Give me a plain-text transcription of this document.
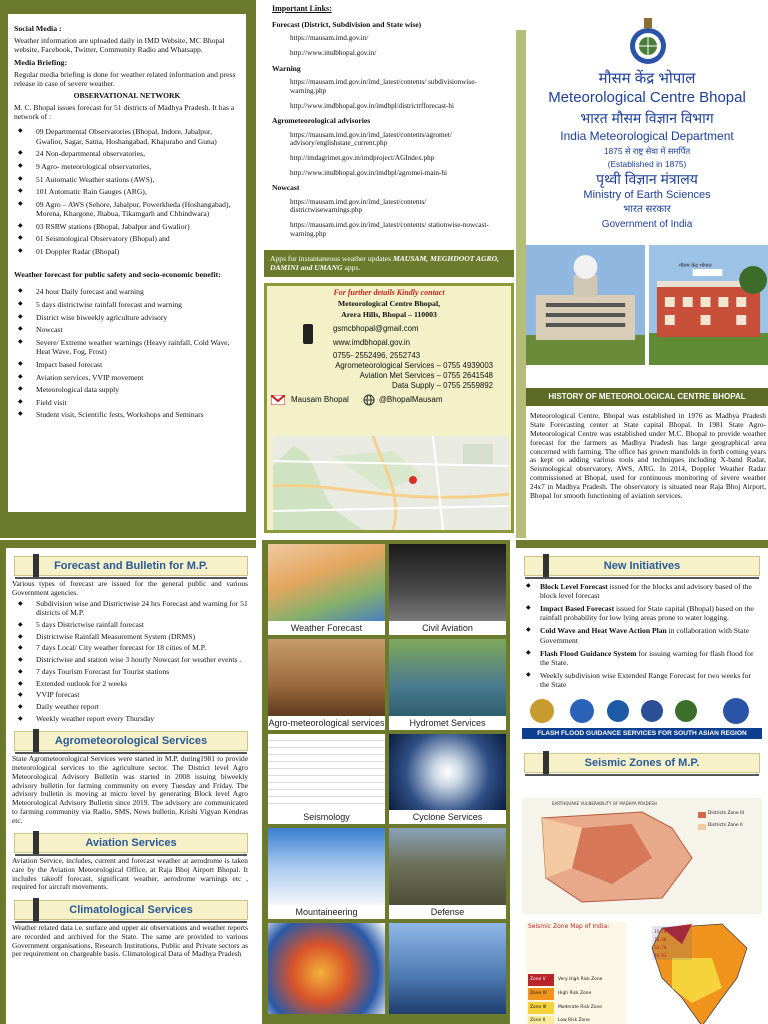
Social Media :

Weather information are uploaded daily in IMD Website, MC Bhopal website, Facebook, Twitter, Community Radio and Whatsapp.

Media Briefing:

Regular media briefing is done for weather related information and press release in case of severe weather.

OBSERVATIONAL NETWORK

M. C. Bhopal issues forecast for 51 districts of Madhya Pradesh. It has a network of :

◆ 09 Departmental Observatories (Bhopal, Indore, Jabalpur, Gwalior, Sagar, Satna, Hoshangabad, Khajuraho and Guna)
◆ 24 Non-departmental observatories,
◆ 9 Agro- meteorological observatories,
◆ 51 Automatic Weather stations (AWS),
◆ 101 Automatic Rain Gauges (ARG),
◆ 09 Agro – AWS (Sehore, Jabalpur, Powerkheda (Hoshangabad), Morena, Khargone, Jhabua, Tikamgarh and Chhindwara)
◆ 03 RSRW stations (Bhopal, Jabalpur and Gwalior)
◆ 01 Seismological Observatory (Bhopal) and
◆ 01 Doppler Radar (Bhopal)
Weather forecast for public safety and socio-economic benefit:
◆ 24 hour Daily forecast and warning
◆ 5 days districtwise rainfall forecast and warning
◆ District wise biweekly agriculture advisory
◆ Nowcast
◆ Severe/ Extreme weather warnings (Heavy rainfall, Cold Wave, Heat Wave, Fog, Frost)
◆ Impact based forecast
◆ Aviation services, VVIP movement
◆ Meteorological data supply
◆ Field visit
◆ Student visit, Scientific fests, Workshops and Seminars
Important Links:
Forecast (District, Subdivision and State wise)
https://mausam.imd.gov.in/
http://www.imdbhopal.gov.in/
Warning
https://mausam.imd.gov.in/imd_latest/contents/ subdivisionwise-warning.php
http://www.imdbhopal.gov.in/imdbpl/districtrfforecast-hi
Agrometeorological advisories
https://mausam.imd.gov.in/imd_latest/contents/agromet/ advisory/englishstate_current.php
http://imdagrimet.gov.in/imdproject/AGIndex.php
http://www.imdbhopal.gov.in/imdbpl/agromei-main-hi
Nowcast
https://mausam.imd.gov.in/imd_latest/contents/ districtwisewarnings.php
https://mausam.imd.gov.in/imd_latest/contents/ stationwise-nowcast-warning.php
Apps for instantaneous weather updates MAUSAM, MEGHDOOT AGRO, DAMINI and UMANG apps.
For further details Kindly contact
Meteorological Centre Bhopal,
Arera Hills, Bhopal – 110003
gsmcbhopal@gmail.com
www.imdbhopal.gov.in
0755- 2552496, 2552743
Agrometeorological Services – 0755 4939003
Aviation Met Services – 0755 2641548
Data Supply – 0755 2559892
Mausam Bhopal	@BhopalMausam
मौसम केंद्र भोपाल
Meteorological Centre Bhopal
भारत मौसम विज्ञान विभाग
India Meteorological Department
1875 से राष्ट्र सेवा में समर्पित
(Established in 1875)
पृथ्वी विज्ञान मंत्रालय
Ministry of Earth Sciences
भारत सरकार
Government of India
मौसम केंद्र भोपाल
HISTORY OF METEOROLOGICAL CENTRE BHOPAL

Meteorological Centre, Bhopal was established in 1976 as Madhya Pradesh State Forecasting center at State capital Bhopal. In 1981 State Agro-Meteorological Centre was established under M.C. Bhopal to provide weather forecast for the farmers as Madhya Pradesh has large geographical area concerned with farming. The office has grown manifolds in forth coming years as kept on adding various tools and techniques including X-band Radar, Seismological observatory, AWS, ARG. In 2014, Doppler Weather Radar commissioned at Bhopal, used for continuous monitoring of severe weather 24x7 in Madhya Pradesh. The observatory is situated near Raja Bhoj Airport, Bhopal for smooth functioning of aviation services.

Forecast and Bulletin for M.P.

Various types of forecast are issued for the general public and various Government agencies.

◆ Subdivision wise and Districtwise 24 hrs Forecast and warning for 51 districts of M.P.
◆ 5 days Districtwise rainfall forecast
◆ Districtwise Rainfall Measurement System (DRMS)
◆ 7 days Local/ City weather forecast for 18 cities of M.P.
◆ Districtwise and station wise 3 hourly Nowcast for weather events .
◆ 7 days Tourism Forecast for Tourist stations
◆ Extended outlook for 2 weeks
◆ VVIP forecast
◆ Daily weather report
◆ Weekly weather report every Thursday
Agrometeorological Services

State Agrometeorological Services were started in M.P. during1981 to provide meteorological services to the agriculture sector. The District level Agro Meteorological Advisory Bulletin was started in 2008 issuing biweekly advisory bulletin for farming community on every Tuesday and Friday. The advisory bulletin is moving at micro level by generating Block level Agro Meteorological Advisory Bulletin since 2019. The advisory are communicated to farming community via Radio, SMS, News bulletin, Krishi Vigyan Kendras etc.

Aviation Services

Aviation Service, includes, current and forecast weather at aerodrome is taken care by the Aviation Meteorological Office, at Raja Bhoj Airport Bhopal. It includes takeoff forecast, significant weather, aerodrome warnings etc , required for aircraft movements.

Climatological Services

Weather related data i.e. surface and upper air observations and weather reports are recorded and archived for the State. The same are provided to various Government organisations, Research Institutions, Public and Private sectors as per requirement on chargeable basis. Climatological Data of Madhya Pradesh

Weather Forecast	Civil Aviation
Agro-meteorological services	Hydromet Services
Seismology	Cyclone Services
Mountaineering	Defense
New Initiatives
◆ Block Level Forecast issued for the blocks and advisory based of the block level forecast
◆ Impact Based Forecast issued for State capital (Bhopal) based on the rainfall probability for low lying areas prone to water logging.
◆ Cold Wave and Heat Wave Action Plan in collaboration with State Government
◆ Flash Flood Guidance System for issuing warning for flash flood for the State.
◆ Weekly subdivision wise Extended Range Forecast for two weeks for the State
FLASH FLOOD GUIDANCE SERVICES FOR SOUTH ASIAN REGION
Seismic Zones of M.P.
EARTHQUAKE VULNERABILITY OF MADHYA PRADESH
Districts Zone III
Districts Zone II
Seismic Zone Map of India:
Zone V	Very High Risk Zone
Zone IV	High Risk Zone
Zone III	Moderate Risk Zone
Zone II	Low Risk Zone
10.79
18.30
30.79
40.93
